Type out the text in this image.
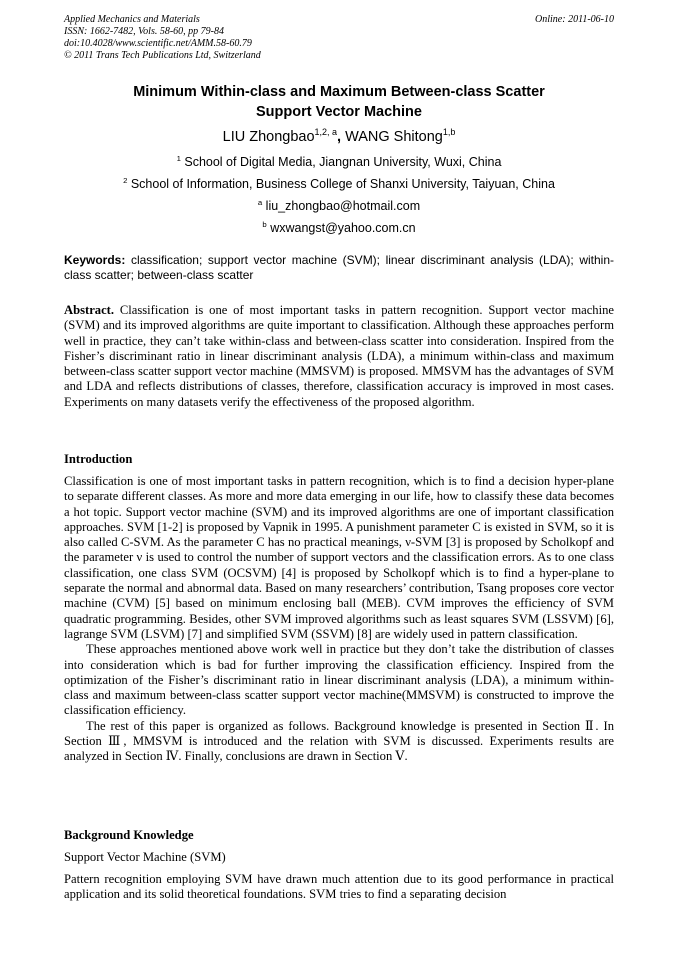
Applied Mechanics and Materials
ISSN: 1662-7482, Vols. 58-60, pp 79-84
doi:10.4028/www.scientific.net/AMM.58-60.79
© 2011 Trans Tech Publications Ltd, Switzerland
Online: 2011-06-10
Minimum Within-class and Maximum Between-class Scatter
Support Vector Machine
LIU Zhongbao$^{1,2, a}$, WANG Shitong$^{1,b}$
$^1$ School of Digital Media, Jiangnan University, Wuxi, China
$^2$ School of Information, Business College of Shanxi University, Taiyuan, China
$^a$ liu_zhongbao@hotmail.com
$^b$ wxwangst@yahoo.com.cn
Keywords: classification; support vector machine (SVM); linear discriminant analysis (LDA); within-class scatter; between-class scatter
Abstract. Classification is one of most important tasks in pattern recognition. Support vector machine (SVM) and its improved algorithms are quite important to classification. Although these approaches perform well in practice, they can’t take within-class and between-class scatter into consideration. Inspired from the Fisher’s discriminant ratio in linear discriminant analysis (LDA), a minimum within-class and maximum between-class scatter support vector machine (MMSVM) is proposed. MMSVM has the advantages of SVM and LDA and reflects distributions of classes, therefore, classification accuracy is improved in most cases. Experiments on many datasets verify the effectiveness of the proposed algorithm.
Introduction

Classification is one of most important tasks in pattern recognition, which is to find a decision hyper-plane to separate different classes. As more and more data emerging in our life, how to classify these data becomes a hot topic. Support vector machine (SVM) and its improved algorithms are one of important classification approaches. SVM [1-2] is proposed by Vapnik in 1995. A punishment parameter C is existed in SVM, so it is also called C-SVM. As the parameter C has no practical meanings, ν-SVM [3] is proposed by Scholkopf and the parameter ν is used to control the number of support vectors and the classification errors. As to one class classification, one class SVM (OCSVM) [4] is proposed by Scholkopf which is to find a hyper-plane to separate the normal and abnormal data. Based on many researchers’ contribution, Tsang proposes core vector machine (CVM) [5] based on minimum enclosing ball (MEB). CVM improves the efficiency of SVM quadratic programming. Besides, other SVM improved algorithms such as least squares SVM (LSSVM) [6], lagrange SVM (LSVM) [7] and simplified SVM (SSVM) [8] are widely used in pattern classification.

These approaches mentioned above work well in practice but they don’t take the distribution of classes into consideration which is bad for further improving the classification efficiency. Inspired from the optimization of the Fisher’s discriminant ratio in linear discriminant analysis (LDA), a minimum within-class and maximum between-class scatter support vector machine(MMSVM) is constructed to improve the classification efficiency.

The rest of this paper is organized as follows. Background knowledge is presented in Section Ⅱ. In Section Ⅲ, MMSVM is introduced and the relation with SVM is discussed. Experiments results are analyzed in Section Ⅳ. Finally, conclusions are drawn in Section Ⅴ.

Background Knowledge
Support Vector Machine (SVM)

Pattern recognition employing SVM have drawn much attention due to its good performance in practical application and its solid theoretical foundations. SVM tries to find a separating decision
